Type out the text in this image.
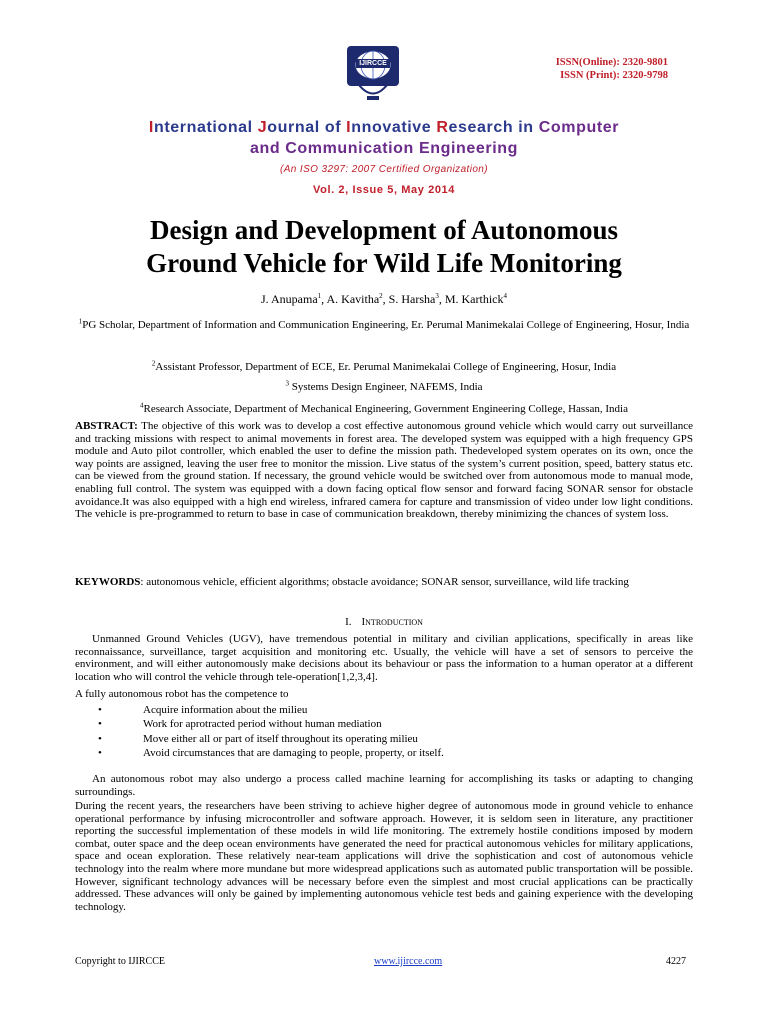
IJIRCCE	ISSN(Online): 2320-9801
ISSN (Print): 2320-9798
International Journal of Innovative Research in Computer
and Communication Engineering
(An ISO 3297: 2007 Certified Organization)
Vol. 2, Issue 5, May 2014
Design and Development of Autonomous
Ground Vehicle for Wild Life Monitoring
J. Anupama$^1$, A. Kavitha$^2$, S. Harsha$^3$, M. Karthick$^4$
$^1$PG Scholar, Department of Information and Communication Engineering, Er. Perumal Manimekalai College of Engineering, Hosur, India
$^2$Assistant Professor, Department of ECE, Er. Perumal Manimekalai College of Engineering, Hosur, India
$^3$ Systems Design Engineer, NAFEMS, India
$^4$Research Associate, Department of Mechanical Engineering, Government Engineering College, Hassan, India
ABSTRACT: The objective of this work was to develop a cost effective autonomous ground vehicle which would carry out surveillance and tracking missions with respect to animal movements in forest area. The developed system was equipped with a high frequency GPS module and Auto pilot controller, which enabled the user to define the mission path. Thedeveloped system operates on its own, once the way points are assigned, leaving the user free to monitor the mission. Live status of the system’s current position, speed, battery status etc. can be viewed from the ground station. If necessary, the ground vehicle would be switched over from autonomous mode to manual mode, enabling full control. The system was equipped with a down facing optical flow sensor and forward facing SONAR sensor for obstacle avoidance.It was also equipped with a high end wireless, infrared camera for capture and transmission of video under low light conditions. The vehicle is pre-programmed to return to base in case of communication breakdown, thereby minimizing the chances of system loss.
KEYWORDS: autonomous vehicle, efficient algorithms; obstacle avoidance; SONAR sensor, surveillance, wild life tracking
I. INTRODUCTION
Unmanned Ground Vehicles (UGV), have tremendous potential in military and civilian applications, specifically in areas like reconnaissance, surveillance, target acquisition and monitoring etc. Usually, the vehicle will have a set of sensors to perceive the environment, and will either autonomously make decisions about its behaviour or pass the information to a human operator at a different location who will control the vehicle through tele-operation[1,2,3,4].
A fully autonomous robot has the competence to
•	Acquire information about the milieu
•	Work for aprotracted period without human mediation
•	Move either all or part of itself throughout its operating milieu
•	Avoid circumstances that are damaging to people, property, or itself.
An autonomous robot may also undergo a process called machine learning for accomplishing its tasks or adapting to changing surroundings.
During the recent years, the researchers have been striving to achieve higher degree of autonomous mode in ground vehicle to enhance operational performance by infusing microcontroller and software approach. However, it is seldom seen in literature, any practitioner reporting the successful implementation of these models in wild life monitoring. The extremely hostile conditions imposed by modern combat, outer space and the deep ocean environments have generated the need for practical autonomous vehicles for military applications, space and ocean exploration. These relatively near-team applications will drive the sophistication and cost of autonomous vehicle technology into the realm where more mundane but more widespread applications such as automated public transportation will be possible. However, significant technology advances will be necessary before even the simplest and most crucial applications can be practically addressed. These advances will only be gained by implementing autonomous vehicle test beds and gaining experience with the developing technology.
Copyright to IJIRCCE	www.ijircce.com	4227
